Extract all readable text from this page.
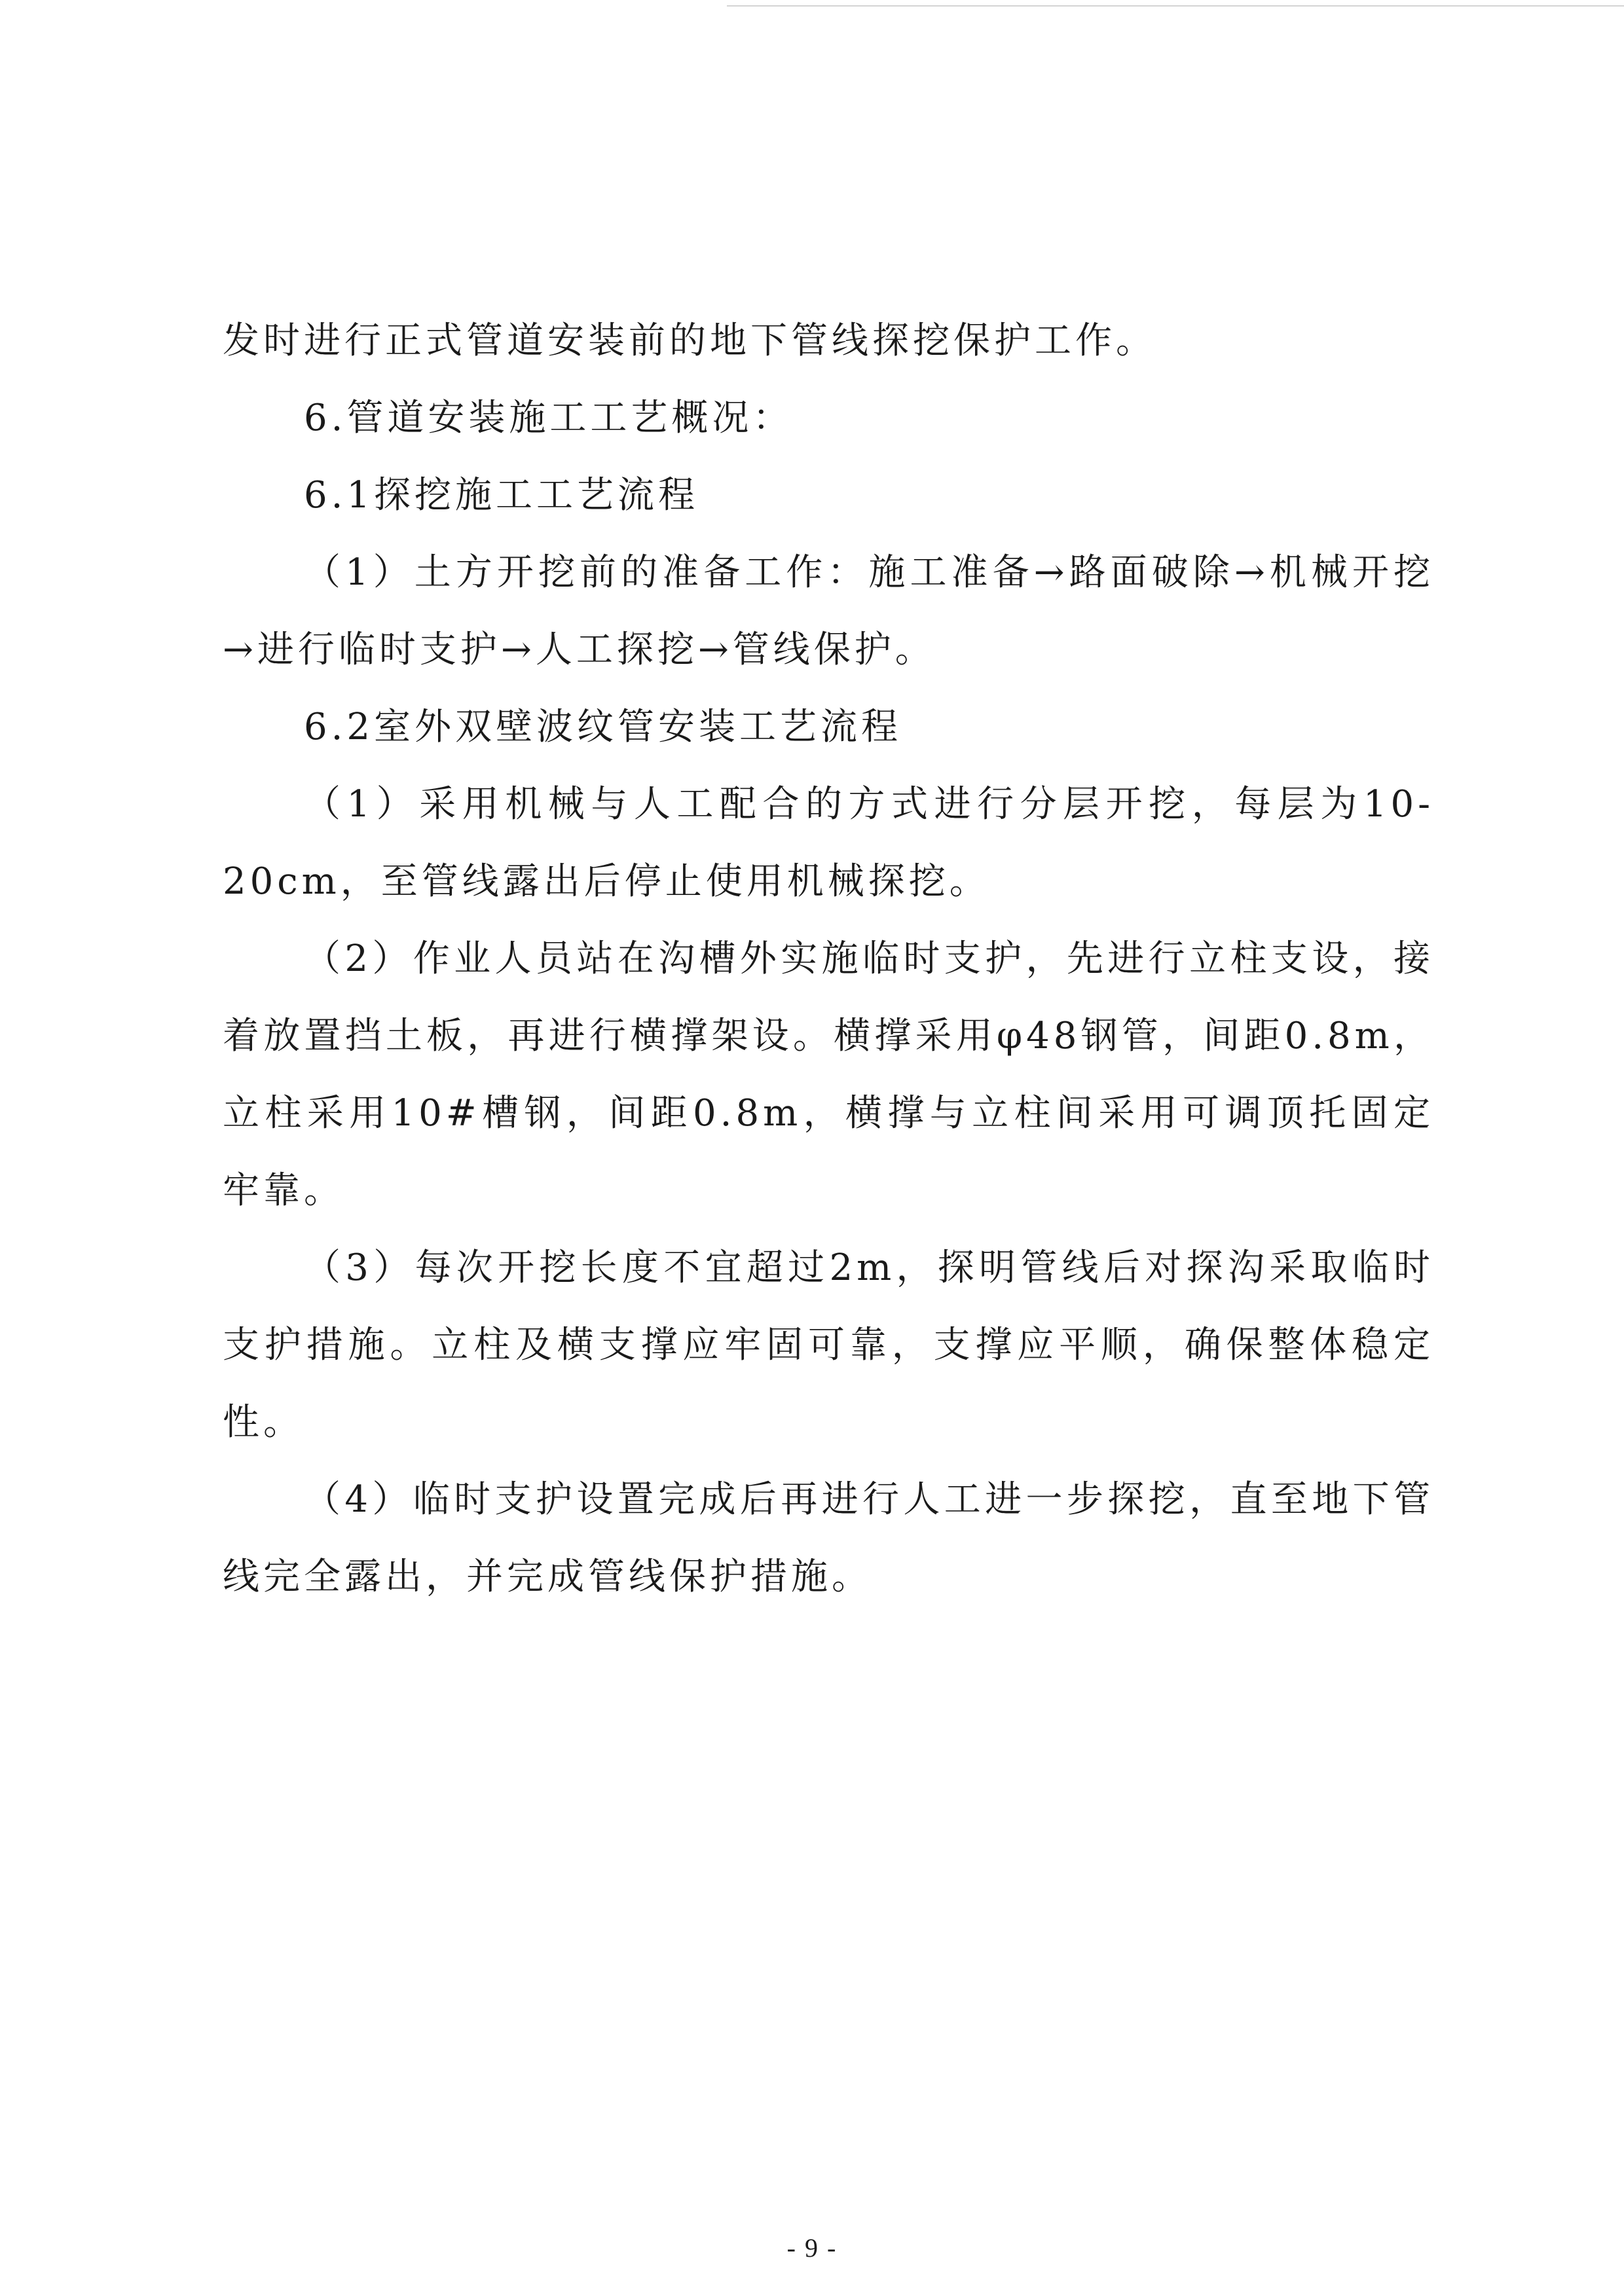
发时进行正式管道安装前的地下管线探挖保护工作。

6.管道安装施工工艺概况：

6.1探挖施工工艺流程

（1）土方开挖前的准备工作：施工准备→路面破除→机械开挖→进行临时支护→人工探挖→管线保护。

6.2室外双壁波纹管安装工艺流程

（1）采用机械与人工配合的方式进行分层开挖，每层为10-20cm，至管线露出后停止使用机械探挖。

（2）作业人员站在沟槽外实施临时支护，先进行立柱支设，接着放置挡土板，再进行横撑架设。横撑采用φ48钢管，间距0.8m，立柱采用10#槽钢，间距0.8m，横撑与立柱间采用可调顶托固定牢靠。

（3）每次开挖长度不宜超过2m，探明管线后对探沟采取临时支护措施。立柱及横支撑应牢固可靠，支撑应平顺，确保整体稳定性。

（4）临时支护设置完成后再进行人工进一步探挖，直至地下管线完全露出，并完成管线保护措施。

- 9 -
